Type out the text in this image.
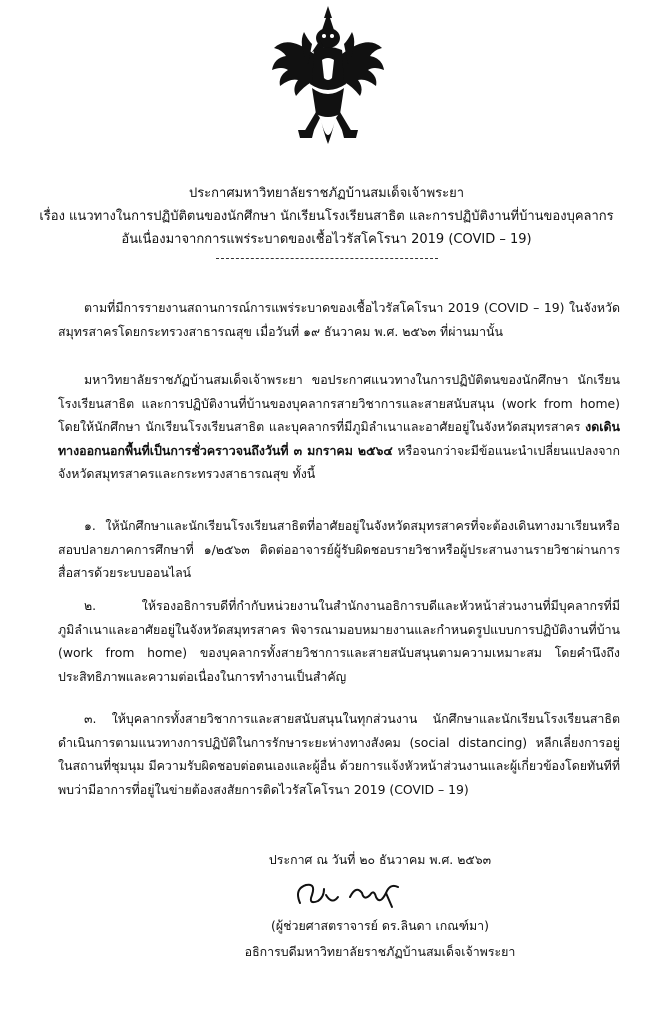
ประกาศมหาวิทยาลัยราชภัฏบ้านสมเด็จเจ้าพระยา
เรื่อง แนวทางในการปฏิบัติตนของนักศึกษา นักเรียนโรงเรียนสาธิต และการปฏิบัติงานที่บ้านของบุคลากร
อันเนื่องมาจากการแพร่ระบาดของเชื้อไวรัสโคโรนา 2019 (COVID – 19)
ตามที่มีการรายงานสถานการณ์การแพร่ระบาดของเชื้อไวรัสโคโรนา 2019 (COVID – 19) ในจังหวัดสมุทรสาครโดยกระทรวงสาธารณสุข เมื่อวันที่ ๑๙ ธันวาคม พ.ศ. ๒๕๖๓ ที่ผ่านมานั้น
มหาวิทยาลัยราชภัฏบ้านสมเด็จเจ้าพระยา ขอประกาศแนวทางในการปฏิบัติตนของนักศึกษา นักเรียนโรงเรียนสาธิต และการปฏิบัติงานที่บ้านของบุคลากรสายวิชาการและสายสนับสนุน (work from home) โดยให้นักศึกษา นักเรียนโรงเรียนสาธิต และบุคลากรที่มีภูมิลำเนาและอาศัยอยู่ในจังหวัดสมุทรสาคร งดเดินทางออกนอกพื้นที่เป็นการชั่วคราวจนถึงวันที่ ๓ มกราคม ๒๕๖๔ หรือจนกว่าจะมีข้อแนะนำเปลี่ยนแปลงจากจังหวัดสมุทรสาครและกระทรวงสาธารณสุข ทั้งนี้
๑. ให้นักศึกษาและนักเรียนโรงเรียนสาธิตที่อาศัยอยู่ในจังหวัดสมุทรสาครที่จะต้องเดินทางมาเรียนหรือสอบปลายภาคการศึกษาที่ ๑/๒๕๖๓ ติดต่ออาจารย์ผู้รับผิดชอบรายวิชาหรือผู้ประสานงานรายวิชาผ่านการสื่อสารด้วยระบบออนไลน์
๒. ให้รองอธิการบดีที่กำกับหน่วยงานในสำนักงานอธิการบดีและหัวหน้าส่วนงานที่มีบุคลากรที่มีภูมิลำเนาและอาศัยอยู่ในจังหวัดสมุทรสาคร พิจารณามอบหมายงานและกำหนดรูปแบบการปฏิบัติงานที่บ้าน (work from home) ของบุคลากรทั้งสายวิชาการและสายสนับสนุนตามความเหมาะสม โดยคำนึงถึงประสิทธิภาพและความต่อเนื่องในการทำงานเป็นสำคัญ
๓. ให้บุคลากรทั้งสายวิชาการและสายสนับสนุนในทุกส่วนงาน นักศึกษาและนักเรียนโรงเรียนสาธิตดำเนินการตามแนวทางการปฏิบัติในการรักษาระยะห่างทางสังคม (social distancing) หลีกเลี่ยงการอยู่ในสถานที่ชุมนุม มีความรับผิดชอบต่อตนเองและผู้อื่น ด้วยการแจ้งหัวหน้าส่วนงานและผู้เกี่ยวข้องโดยทันทีที่พบว่ามีอาการที่อยู่ในข่ายต้องสงสัยการติดไวรัสโคโรนา 2019 (COVID – 19)
ประกาศ ณ วันที่ ๒๐ ธันวาคม พ.ศ. ๒๕๖๓
(ผู้ช่วยศาสตราจารย์ ดร.ลินดา เกณฑ์มา)
อธิการบดีมหาวิทยาลัยราชภัฏบ้านสมเด็จเจ้าพระยา
